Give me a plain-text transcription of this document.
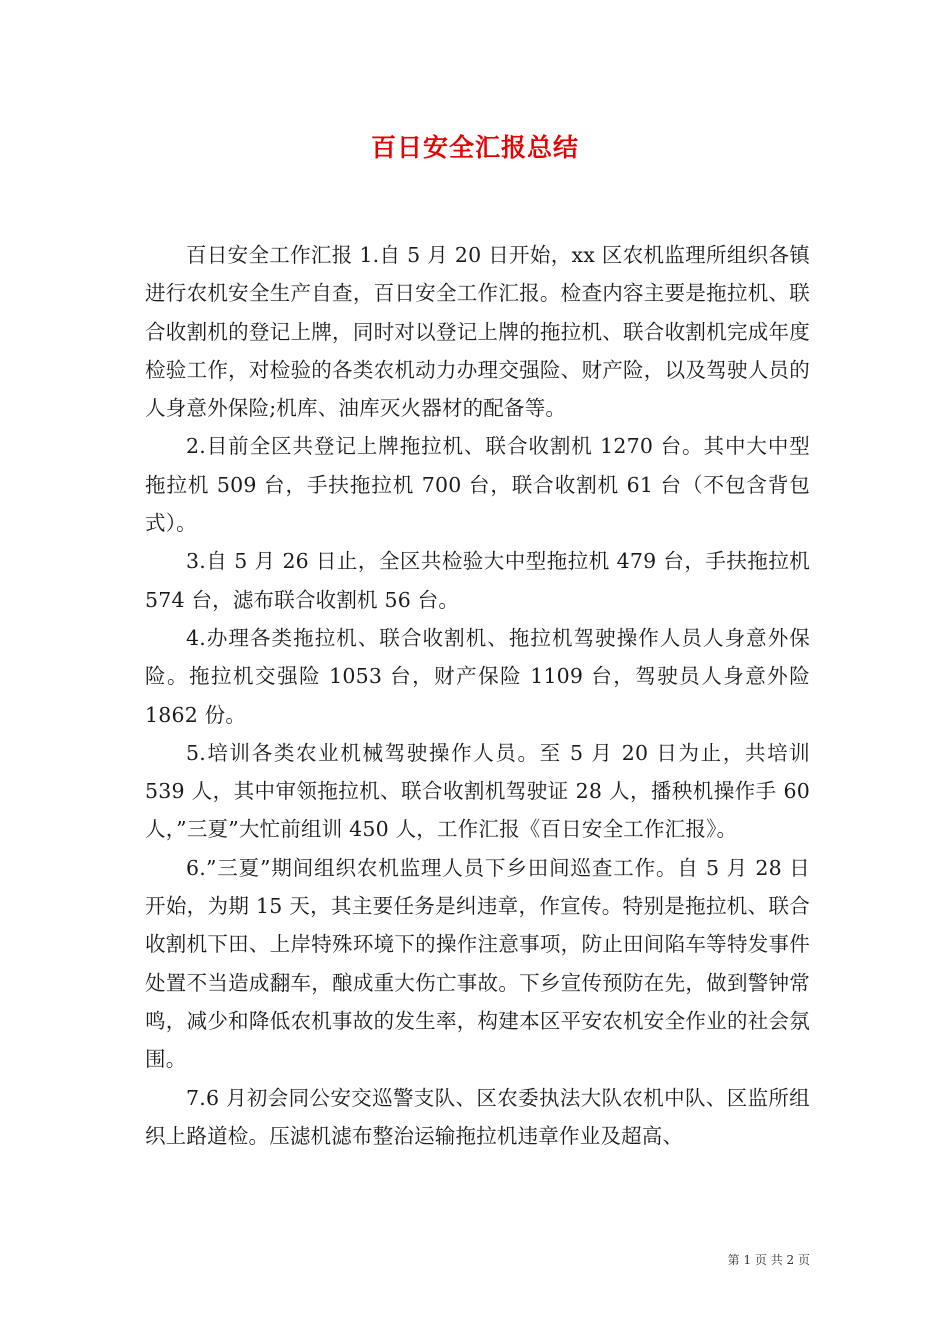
百日安全汇报总结

百日安全工作汇报 1.自 5 月 20 日开始，xx 区农机监理所组织各镇进行农机安全生产自查，百日安全工作汇报。检查内容主要是拖拉机、联合收割机的登记上牌，同时对以登记上牌的拖拉机、联合收割机完成年度检验工作，对检验的各类农机动力办理交强险、财产险，以及驾驶人员的人身意外保险;机库、油库灭火器材的配备等。

2.目前全区共登记上牌拖拉机、联合收割机 1270 台。其中大中型拖拉机 509 台，手扶拖拉机 700 台，联合收割机 61 台（不包含背包式）。

3.自 5 月 26 日止，全区共检验大中型拖拉机 479 台，手扶拖拉机 574 台，滤布联合收割机 56 台。

4.办理各类拖拉机、联合收割机、拖拉机驾驶操作人员人身意外保险。拖拉机交强险 1053 台，财产保险 1109 台，驾驶员人身意外险 1862 份。

5.培训各类农业机械驾驶操作人员。至 5 月 20 日为止，共培训 539 人，其中审领拖拉机、联合收割机驾驶证 28 人，播秧机操作手 60 人，”三夏”大忙前组训 450 人，工作汇报《百日安全工作汇报》。

6.”三夏”期间组织农机监理人员下乡田间巡查工作。自 5 月 28 日开始，为期 15 天，其主要任务是纠违章，作宣传。特别是拖拉机、联合收割机下田、上岸特殊环境下的操作注意事项，防止田间陷车等特发事件处置不当造成翻车，酿成重大伤亡事故。下乡宣传预防在先，做到警钟常鸣，减少和降低农机事故的发生率，构建本区平安农机安全作业的社会氛围。

7.6 月初会同公安交巡警支队、区农委执法大队农机中队、区监所组织上路道检。压滤机滤布整治运输拖拉机违章作业及超高、

第 1 页 共 2 页
